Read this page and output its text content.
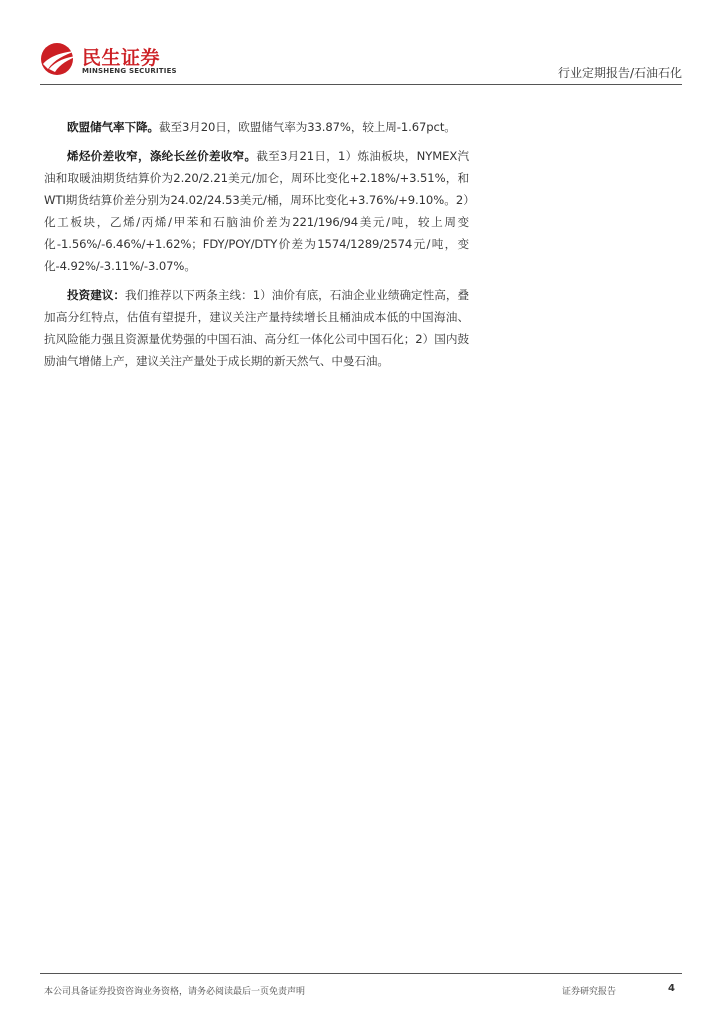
民生证券
MINSHENG SECURITIES	行业定期报告/石油石化

欧盟储气率下降。截至3月20日，欧盟储气率为33.87%，较上周-1.67pct。

烯烃价差收窄，涤纶长丝价差收窄。截至3月21日，1）炼油板块，NYMEX汽油和取暖油期货结算价为2.20/2.21美元/加仑，周环比变化+2.18%/+3.51%，和WTI期货结算价差分别为24.02/24.53美元/桶，周环比变化+3.76%/+9.10%。2）化工板块，乙烯/丙烯/甲苯和石脑油价差为221/196/94美元/吨，较上周变化-1.56%/-6.46%/+1.62%；FDY/POY/DTY价差为1574/1289/2574元/吨，变化-4.92%/-3.11%/-3.07%。

投资建议：我们推荐以下两条主线：1）油价有底，石油企业业绩确定性高，叠加高分红特点，估值有望提升，建议关注产量持续增长且桶油成本低的中国海油、抗风险能力强且资源量优势强的中国石油、高分红一体化公司中国石化；2）国内鼓励油气增储上产，建议关注产量处于成长期的新天然气、中曼石油。

本公司具备证券投资咨询业务资格，请务必阅读最后一页免责声明	证券研究报告	4
